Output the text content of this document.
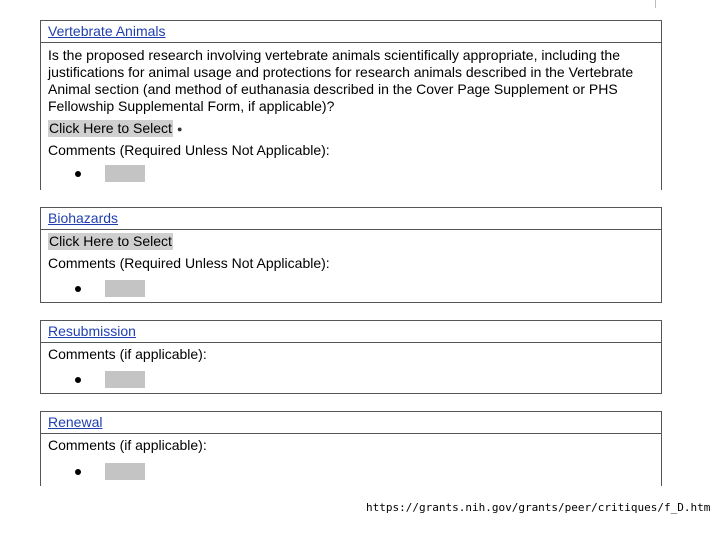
Vertebrate Animals
Is the proposed research involving vertebrate animals scientifically appropriate, including the justifications for animal usage and protections for research animals described in the Vertebrate Animal section (and method of euthanasia described in the Cover Page Supplement or PHS Fellowship Supplemental Form, if applicable)?
Click Here to Select ●
Comments (Required Unless Not Applicable):
Biohazards
Click Here to Select
Comments (Required Unless Not Applicable):
Resubmission
Comments (if applicable):
Renewal
Comments (if applicable):
https://grants.nih.gov/grants/peer/critiques/f_D.htm
